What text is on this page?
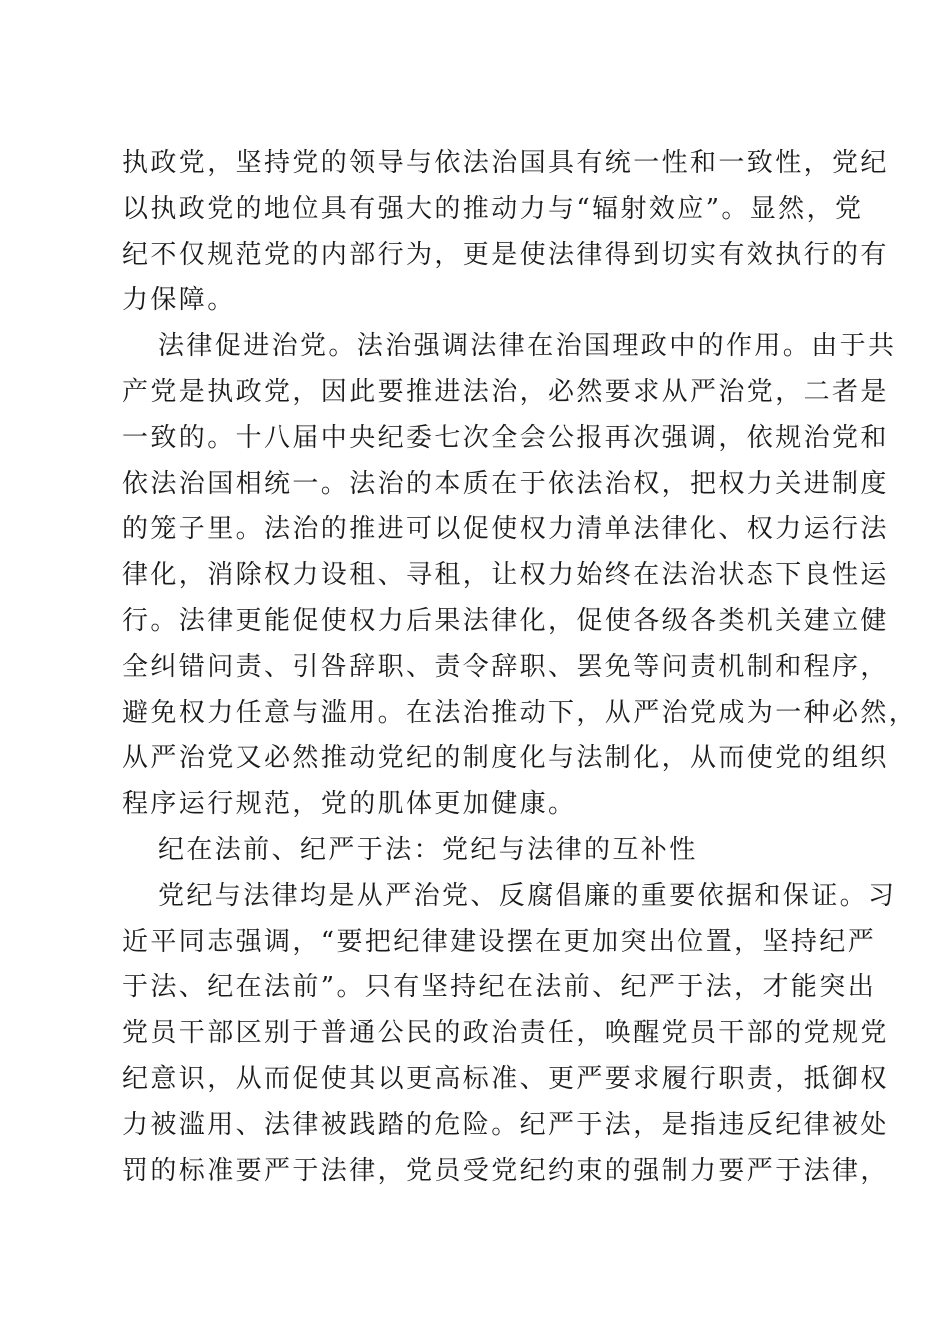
执政党，坚持党的领导与依法治国具有统一性和一致性，党纪
以执政党的地位具有强大的推动力与“辐射效应”。显然，党
纪不仅规范党的内部行为，更是使法律得到切实有效执行的有
力保障。
法律促进治党。法治强调法律在治国理政中的作用。由于共
产党是执政党，因此要推进法治，必然要求从严治党，二者是
一致的。十八届中央纪委七次全会公报再次强调，依规治党和
依法治国相统一。法治的本质在于依法治权，把权力关进制度
的笼子里。法治的推进可以促使权力清单法律化、权力运行法
律化，消除权力设租、寻租，让权力始终在法治状态下良性运
行。法律更能促使权力后果法律化，促使各级各类机关建立健
全纠错问责、引咎辞职、责令辞职、罢免等问责机制和程序，
避免权力任意与滥用。在法治推动下，从严治党成为一种必然，
从严治党又必然推动党纪的制度化与法制化，从而使党的组织
程序运行规范，党的肌体更加健康。
纪在法前、纪严于法：党纪与法律的互补性
党纪与法律均是从严治党、反腐倡廉的重要依据和保证。习
近平同志强调，“要把纪律建设摆在更加突出位置，坚持纪严
于法、纪在法前”。只有坚持纪在法前、纪严于法，才能突出
党员干部区别于普通公民的政治责任，唤醒党员干部的党规党
纪意识，从而促使其以更高标准、更严要求履行职责，抵御权
力被滥用、法律被践踏的危险。纪严于法，是指违反纪律被处
罚的标准要严于法律，党员受党纪约束的强制力要严于法律，
